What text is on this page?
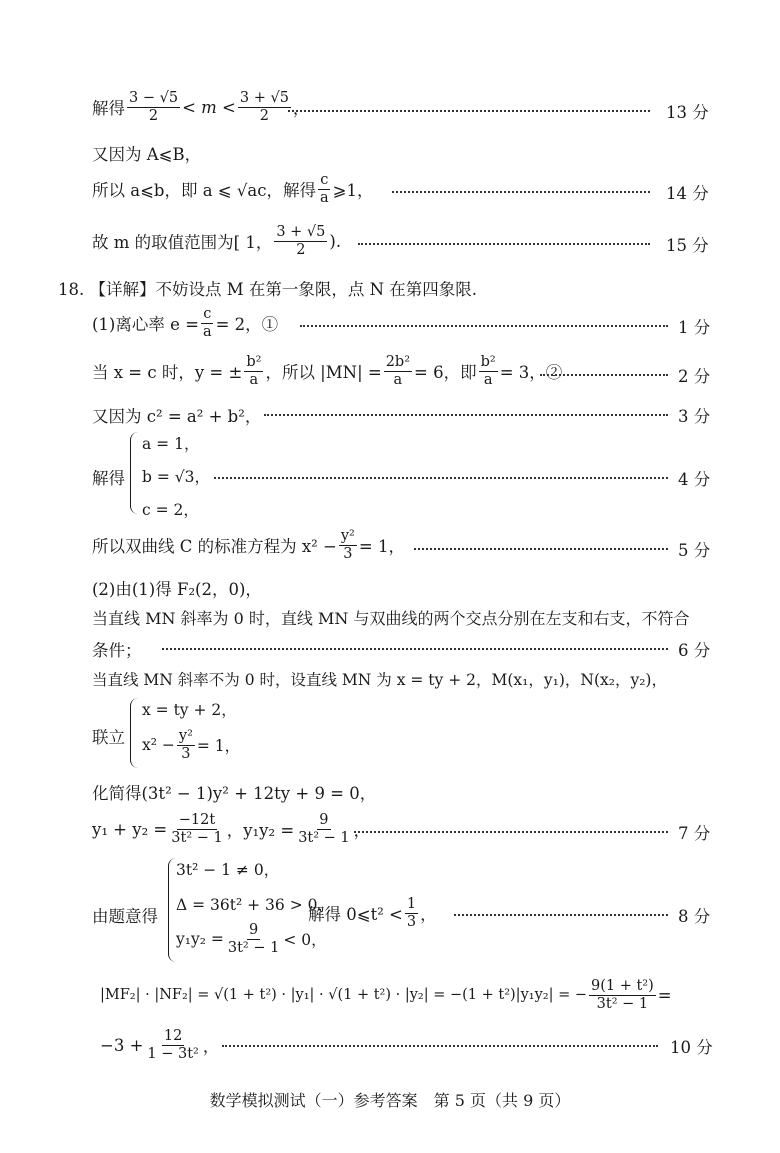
解得 $\frac{3 - √5}{2} < m < \frac{3 + √5}{2}$ ，	13 分
又因为 A⩽B，
所以 a⩽b，即 a ⩽ √ac，解得 $\frac{c}{a}$ ⩾1，	14 分
故 m 的取值范围为[ 1， $\frac{3 + √5}{2}$ ).	15 分
18. 【详解】不妨设点 M 在第一象限，点 N 在第四象限.
(1)离心率 $e = \frac{c}{a} = 2$，①	1 分
当 x = c 时，y = ± $\frac{\text{b²}}{a}$ ，所以 $|MN| = \frac{\text{2b²}}{a} = 6$，即 $\frac{\text{b²}}{a} = 3$，②	2 分
又因为 c² = a² + b²，	3 分
解得
a = 1，
b = √3，
c = 2，
4 分
所以双曲线 C 的标准方程为 $x^2 - \frac{\text{y²}}{3} = 1$，	5 分
(2)由(1)得 F₂(2，0)，
当直线 MN 斜率为 0 时，直线 MN 与双曲线的两个交点分别在左支和右支，不符合
条件；	6 分
当直线 MN 斜率不为 0 时，设直线 MN 为 x = ty + 2，M(x₁，y₁)，N(x₂，y₂)，
联立
x = ty + 2，
$x^2 - \frac{\text{y²}}{3} = 1$，
化简得(3t² − 1)y² + 12ty + 9 = 0，
$y_1 + y_2 = \frac{-12t}{\text{3t² − 1}}$ ，$y_1y_2 = \frac{9}{\text{3t² − 1}}$ ，	7 分
由题意得
3t² − 1 ≠ 0，
Δ = 36t² + 36 > 0，
$y_1y_2 = \frac{9}{\text{3t² − 1}} < 0$，
解得 0⩽t² < $\frac{1}{3}$ ，	8 分
|MF₂| · |NF₂| = √(1 + t²) · |y₁| · √(1 + t²) · |y₂| = −(1 + t²)|y₁y₂| = − $\frac{\text{9(1 + t²)}}{\text{3t² − 1}}$ =
$-3 + \frac{12}{\text{1 − 3t²}}$ ，	10 分
数学模拟测试（一）参考答案　第 5 页（共 9 页）
